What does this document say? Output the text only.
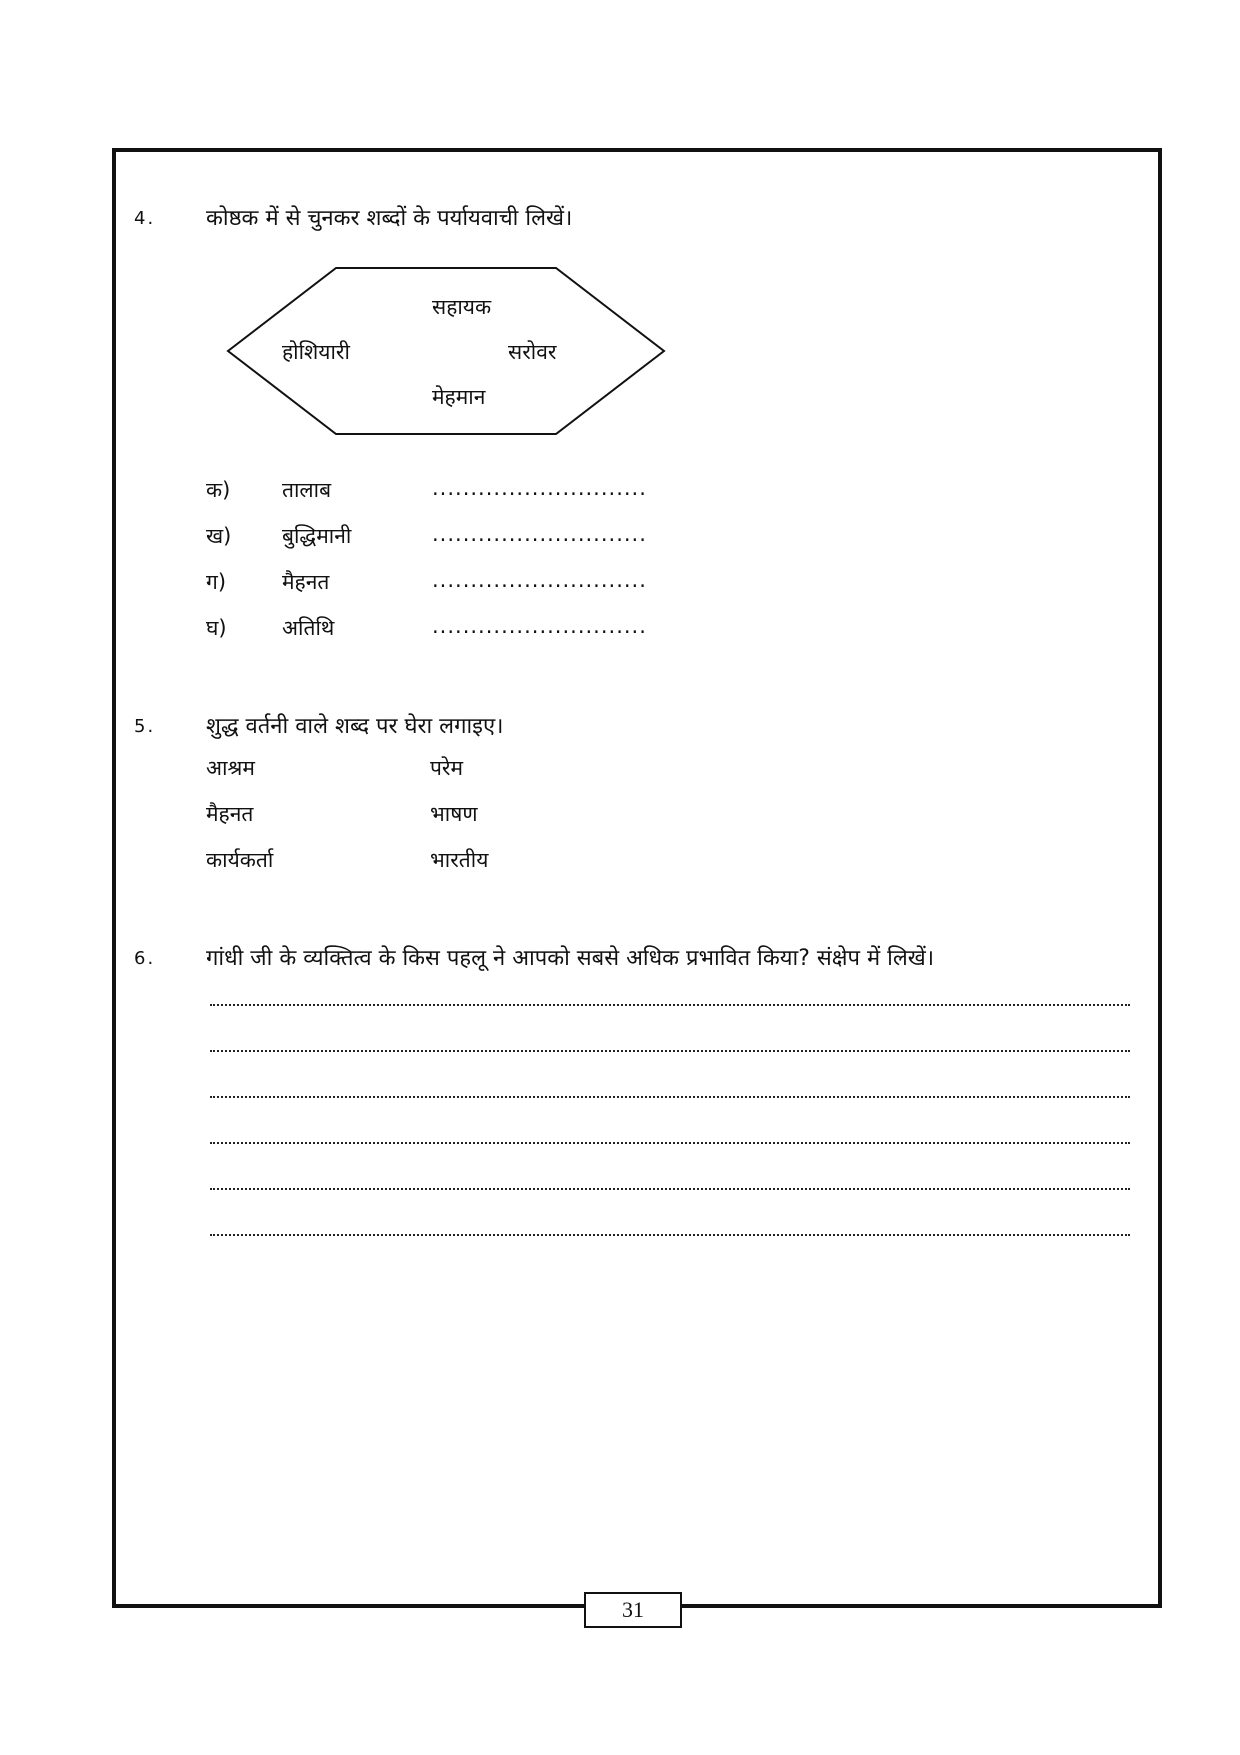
4. कोष्ठक में से चुनकर शब्दों के पर्यायवाची लिखें।
सहायक
होशियारी	सरोवर
मेहमान
क) तालाब	............................
ख) बुद्धिमानी	............................
ग)	मैहनत	............................
घ)	अतिथि	............................
5. शुद्ध वर्तनी वाले शब्द पर घेरा लगाइए।
आश्रम	परेम
मैहनत	भाषण
कार्यकर्ता	भारतीय
6. गांधी जी के व्यक्तित्व के किस पहलू ने आपको सबसे अधिक प्रभावित किया? संक्षेप में लिखें।
31
